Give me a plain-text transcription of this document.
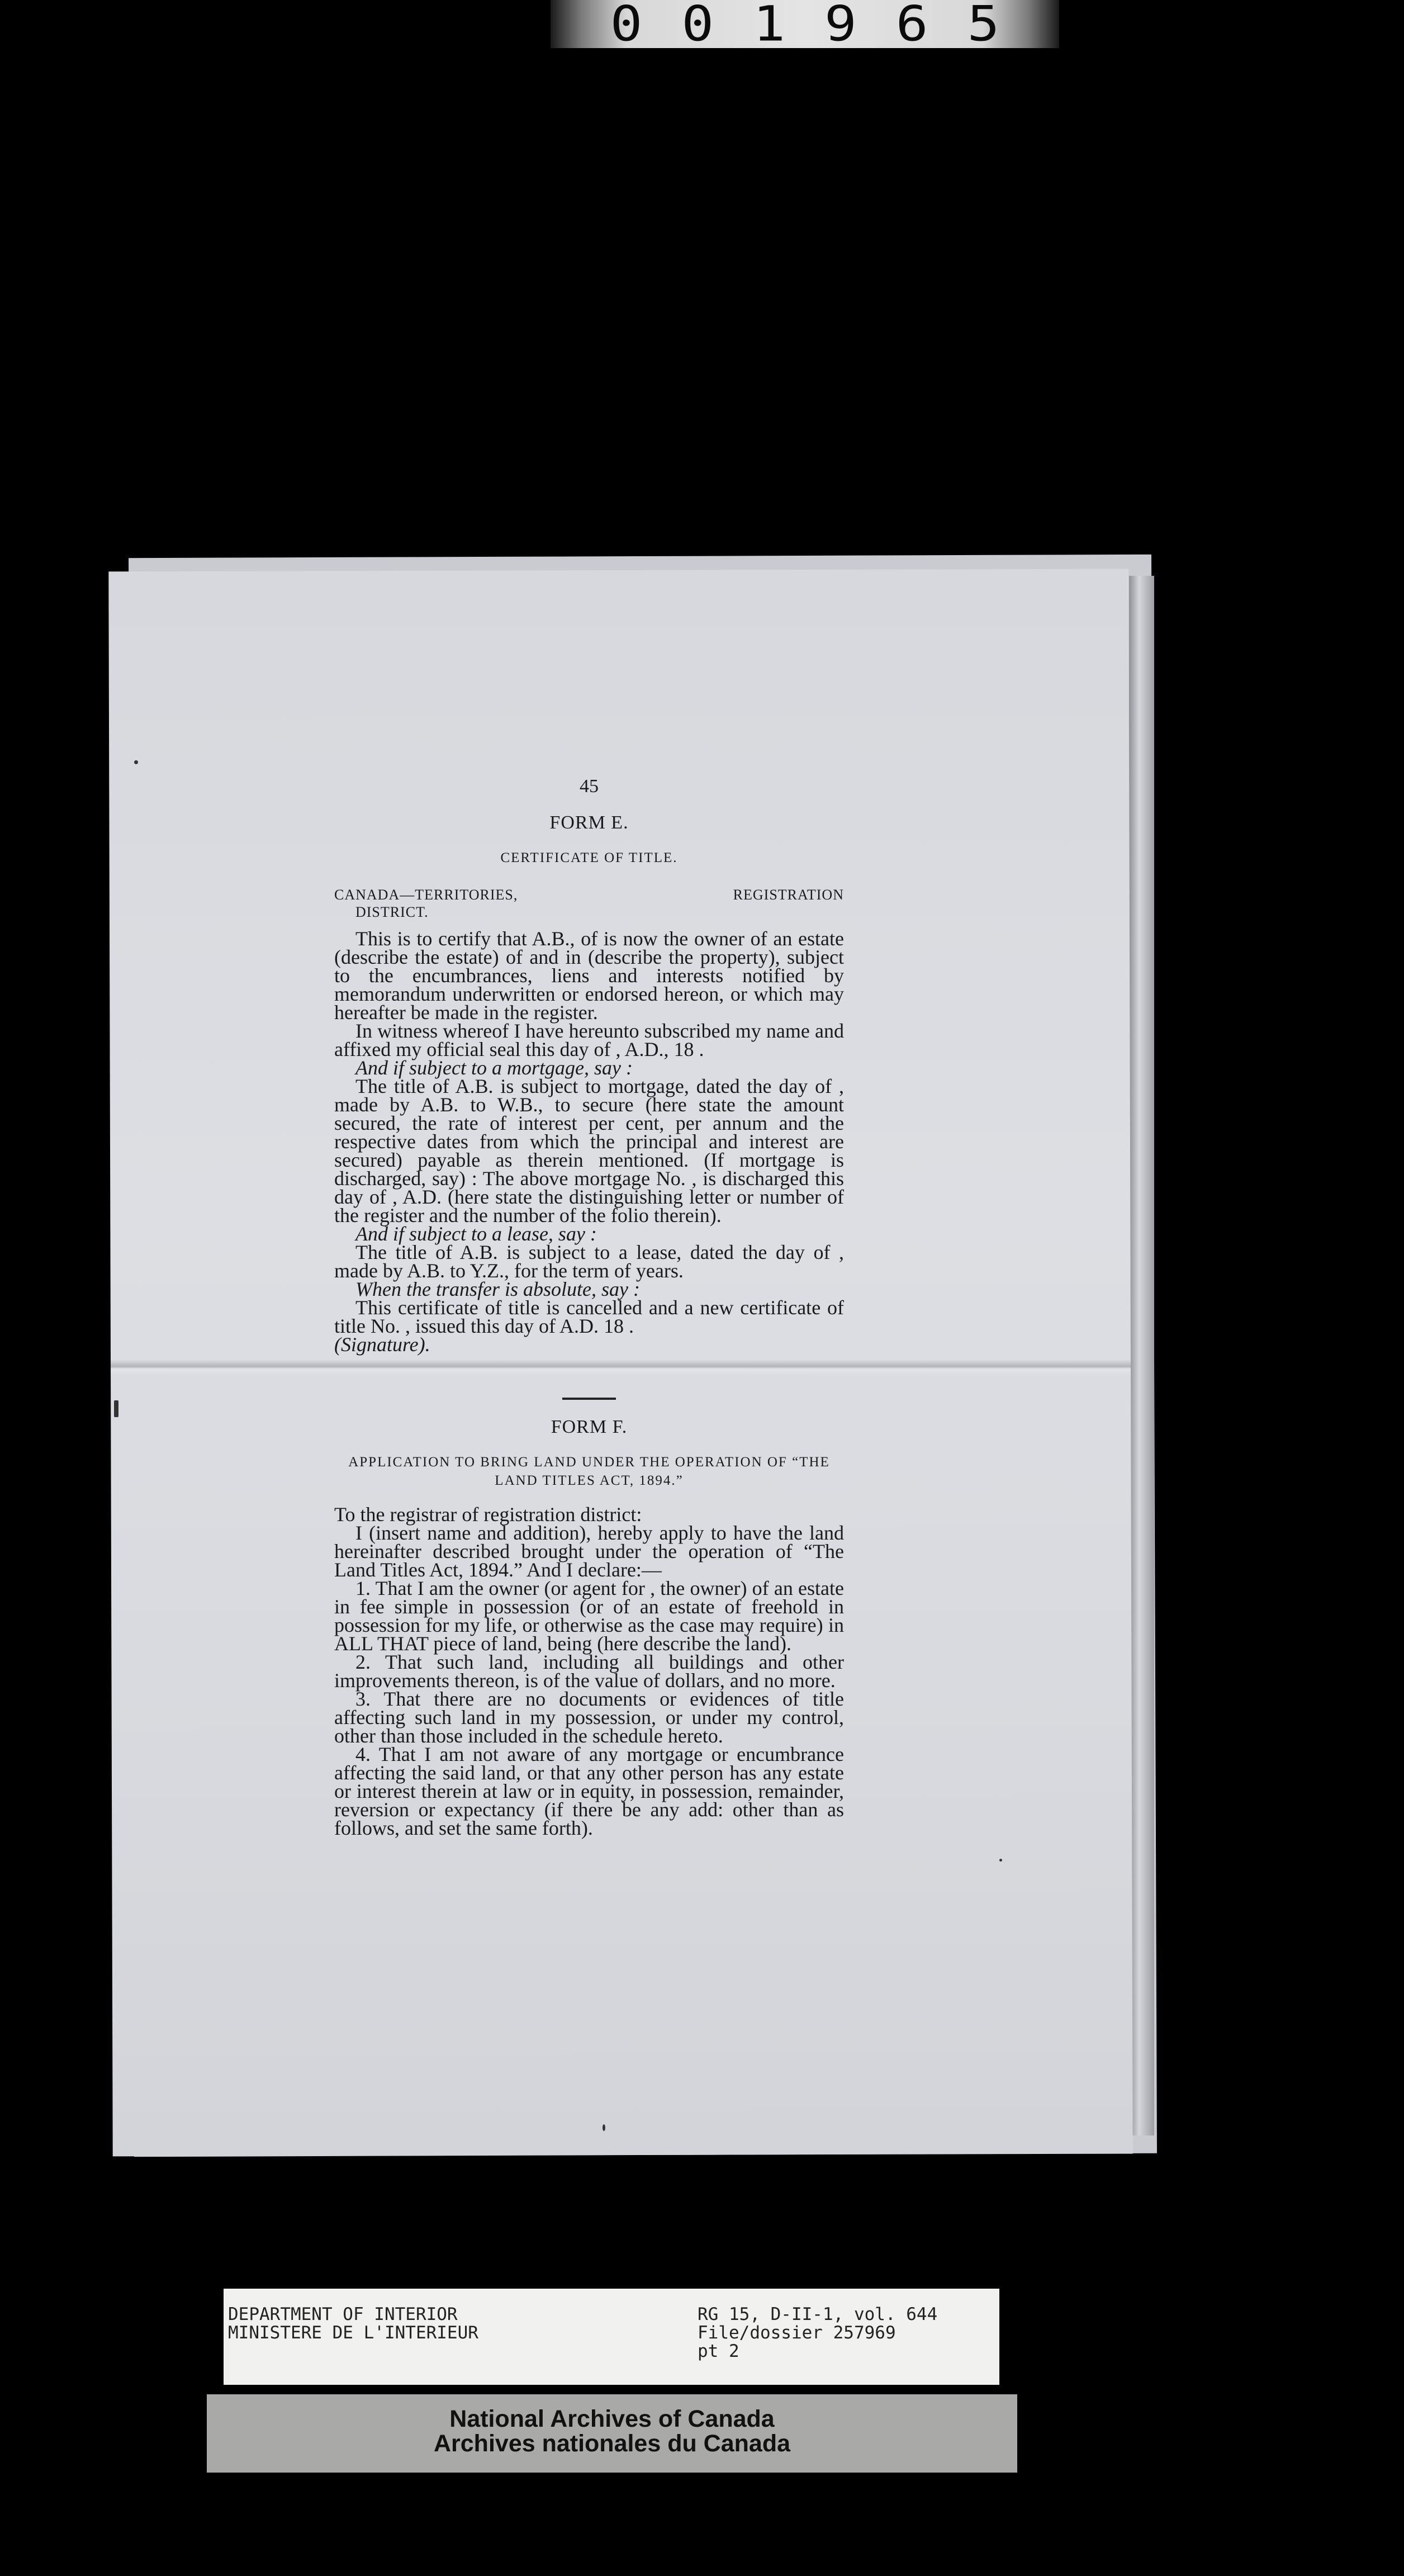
001965
45
FORM E.
CERTIFICATE OF TITLE.
CANADA—TERRITORIES,	REGISTRATION
DISTRICT.

This is to certify that A.B., of is now the owner of an estate (describe the estate) of and in (describe the property), subject to the encumbrances, liens and interests notified by memorandum underwritten or endorsed hereon, or which may hereafter be made in the register.

In witness whereof I have hereunto subscribed my name and affixed my official seal this day of , A.D., 18 .

And if subject to a mortgage, say :

The title of A.B. is subject to mortgage, dated the day of , made by A.B. to W.B., to secure (here state the amount secured, the rate of interest per cent, per annum and the respective dates from which the principal and interest are secured) payable as therein mentioned. (If mortgage is discharged, say) : The above mortgage No. , is discharged this day of , A.D. (here state the distinguishing letter or number of the register and the number of the folio therein).

And if subject to a lease, say :

The title of A.B. is subject to a lease, dated the day of , made by A.B. to Y.Z., for the term of years.

When the transfer is absolute, say :

This certificate of title is cancelled and a new certificate of title No. , issued this day of A.D. 18 .

(Signature).

FORM F.
APPLICATION TO BRING LAND UNDER THE OPERATION OF “THE LAND TITLES ACT, 1894.”

To the registrar of registration district:

I (insert name and addition), hereby apply to have the land hereinafter described brought under the operation of “The Land Titles Act, 1894.” And I declare:—

1. That I am the owner (or agent for , the owner) of an estate in fee simple in possession (or of an estate of freehold in possession for my life, or otherwise as the case may require) in ALL THAT piece of land, being (here describe the land).

2. That such land, including all buildings and other improvements thereon, is of the value of dollars, and no more.

3. That there are no documents or evidences of title affecting such land in my possession, or under my control, other than those included in the schedule hereto.

4. That I am not aware of any mortgage or encumbrance affecting the said land, or that any other person has any estate or interest therein at law or in equity, in possession, remainder, reversion or expectancy (if there be any add: other than as follows, and set the same forth).

DEPARTMENT OF INTERIOR
MINISTERE DE L'INTERIEUR
RG 15, D-II-1, vol. 644
File/dossier 257969
pt 2
National Archives of Canada
Archives nationales du Canada
